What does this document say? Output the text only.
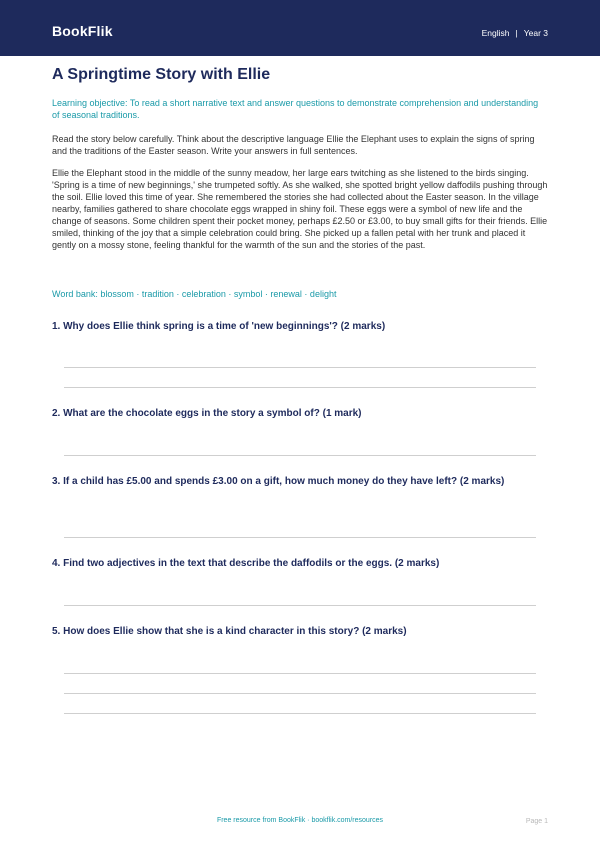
BookFlik	English | Year 3
A Springtime Story with Ellie
Learning objective: To read a short narrative text and answer questions to demonstrate comprehension and understanding of seasonal traditions.
Read the story below carefully. Think about the descriptive language Ellie the Elephant uses to explain the signs of spring and the traditions of the Easter season. Write your answers in full sentences.
Ellie the Elephant stood in the middle of the sunny meadow, her large ears twitching as she listened to the birds singing. 'Spring is a time of new beginnings,' she trumpeted softly. As she walked, she spotted bright yellow daffodils pushing through the soil. Ellie loved this time of year. She remembered the stories she had collected about the Easter season. In the village nearby, families gathered to share chocolate eggs wrapped in shiny foil. These eggs were a symbol of new life and the change of seasons. Some children spent their pocket money, perhaps £2.50 or £3.00, to buy small gifts for their friends. Ellie smiled, thinking of the joy that a simple celebration could bring. She picked up a fallen petal with her trunk and placed it gently on a mossy stone, feeling thankful for the warmth of the sun and the stories of the past.
Word bank: blossom · tradition · celebration · symbol · renewal · delight
1. Why does Ellie think spring is a time of 'new beginnings'? (2 marks)
2. What are the chocolate eggs in the story a symbol of? (1 mark)
3. If a child has £5.00 and spends £3.00 on a gift, how much money do they have left? (2 marks)
4. Find two adjectives in the text that describe the daffodils or the eggs. (2 marks)
5. How does Ellie show that she is a kind character in this story? (2 marks)
Free resource from BookFlik · bookflik.com/resources	Page 1
